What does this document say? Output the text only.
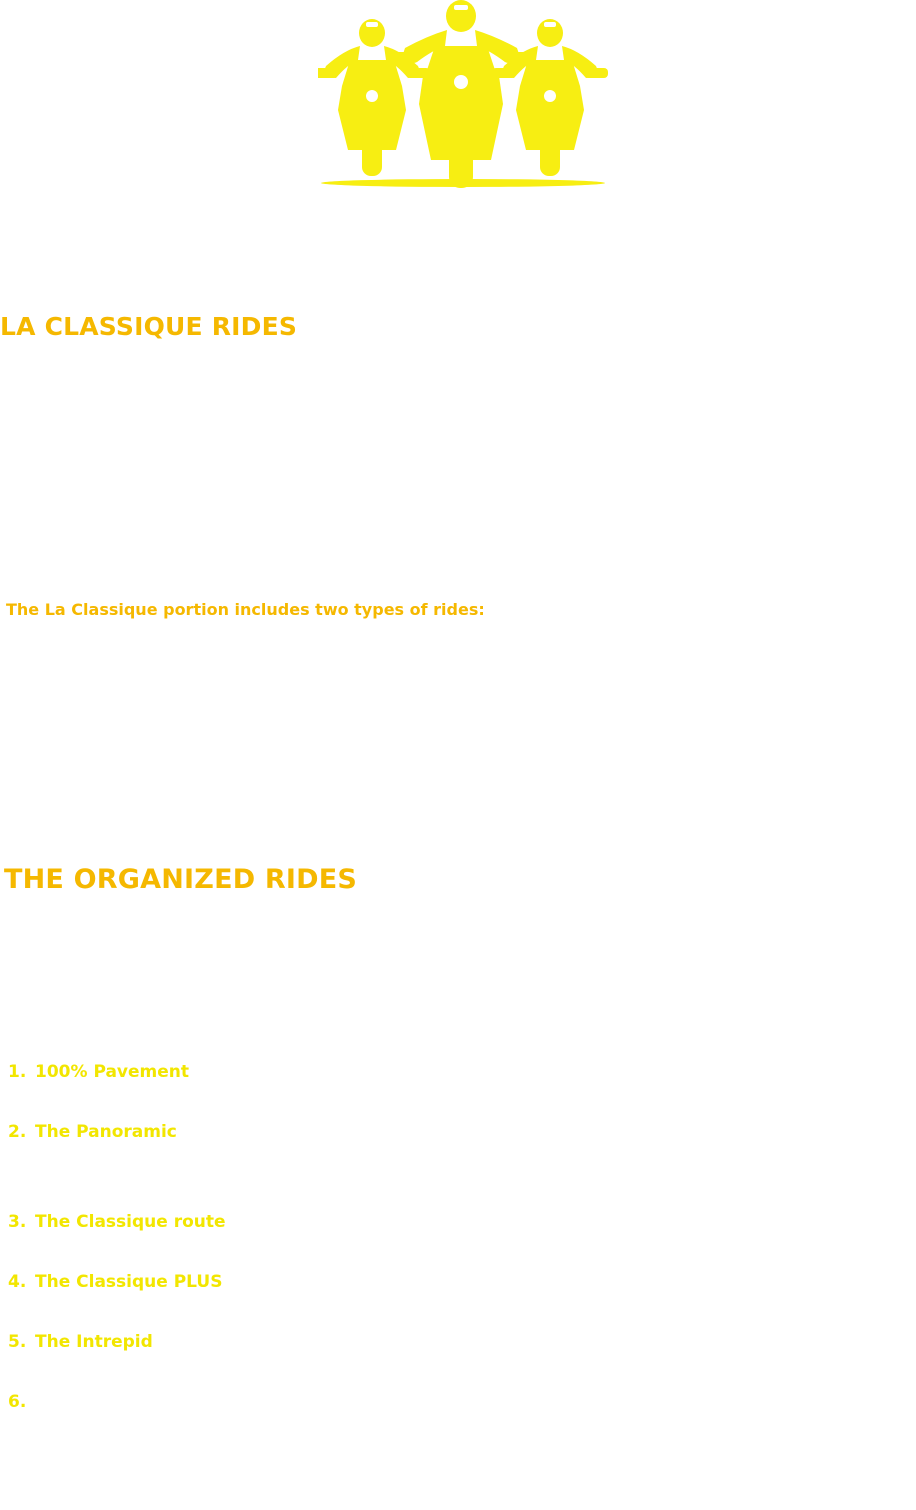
LA CLASSIQUE RIDES

The La Classique portion includes two types of rides:

THE ORGANIZED RIDES
1. 100% Pavement
2. The Panoramic
3. The Classique route
4. The Classique PLUS
5. The Intrepid
6.
